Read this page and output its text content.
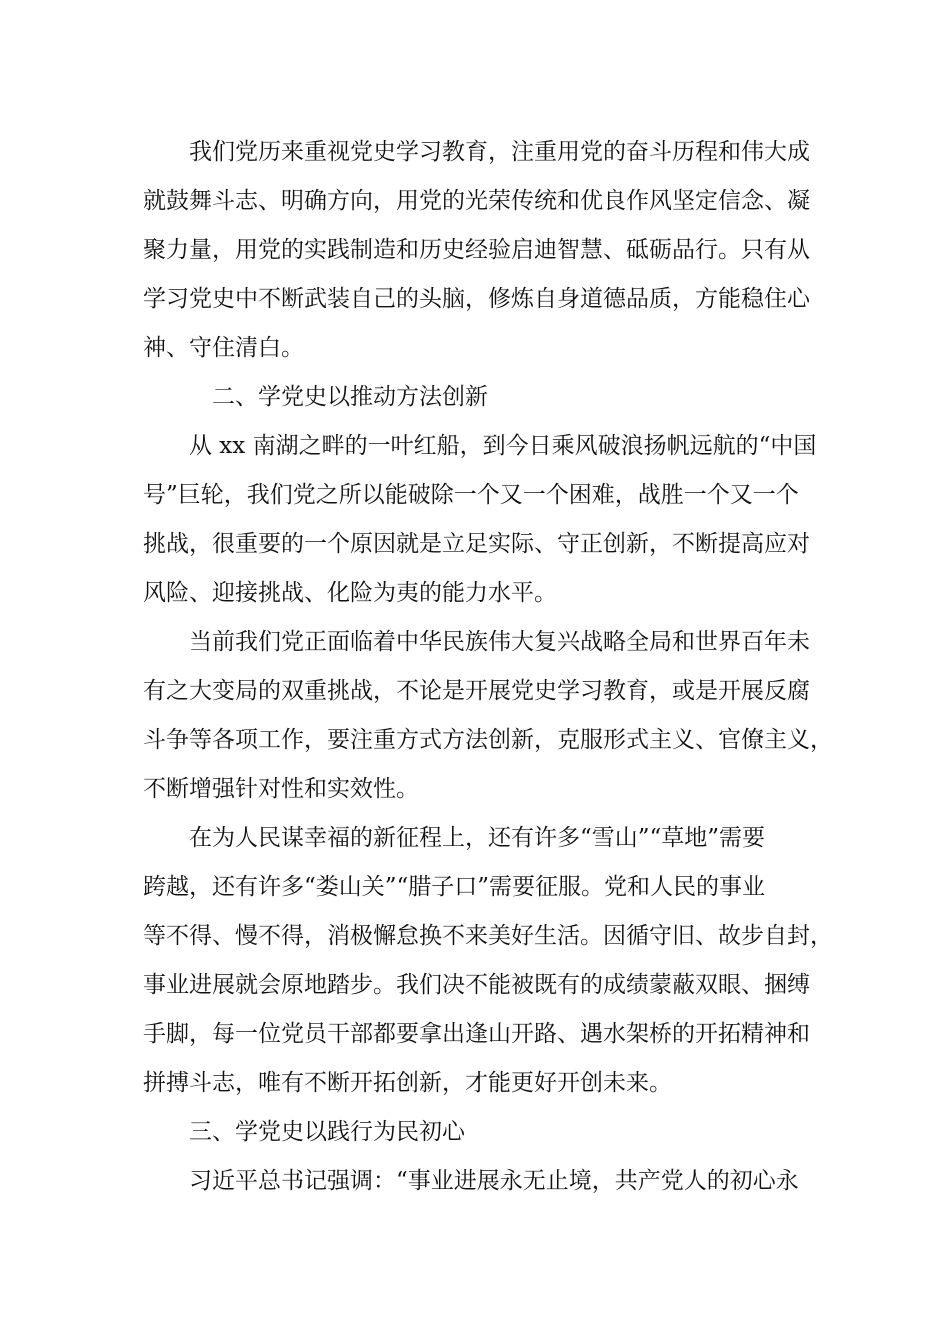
我们党历来重视党史学习教育，注重用党的奋斗历程和伟大成
就鼓舞斗志、明确方向，用党的光荣传统和优良作风坚定信念、凝
聚力量，用党的实践制造和历史经验启迪智慧、砥砺品行。只有从
学习党史中不断武装自己的头脑，修炼自身道德品质，方能稳住心
神、守住清白。

二、学党史以推动方法创新

从 xx 南湖之畔的一叶红船，到今日乘风破浪扬帆远航的“中国
号”巨轮，我们党之所以能破除一个又一个困难，战胜一个又一个
挑战，很重要的一个原因就是立足实际、守正创新，不断提高应对
风险、迎接挑战、化险为夷的能力水平。

当前我们党正面临着中华民族伟大复兴战略全局和世界百年未
有之大变局的双重挑战，不论是开展党史学习教育，或是开展反腐
斗争等各项工作，要注重方式方法创新，克服形式主义、官僚主义，
不断增强针对性和实效性。

在为人民谋幸福的新征程上，还有许多“雪山”“草地”需要
跨越，还有许多“娄山关”“腊子口”需要征服。党和人民的事业
等不得、慢不得，消极懈怠换不来美好生活。因循守旧、故步自封，
事业进展就会原地踏步。我们决不能被既有的成绩蒙蔽双眼、捆缚
手脚，每一位党员干部都要拿出逢山开路、遇水架桥的开拓精神和
拼搏斗志，唯有不断开拓创新，才能更好开创未来。

三、学党史以践行为民初心

习近平总书记强调：“事业进展永无止境，共产党人的初心永
